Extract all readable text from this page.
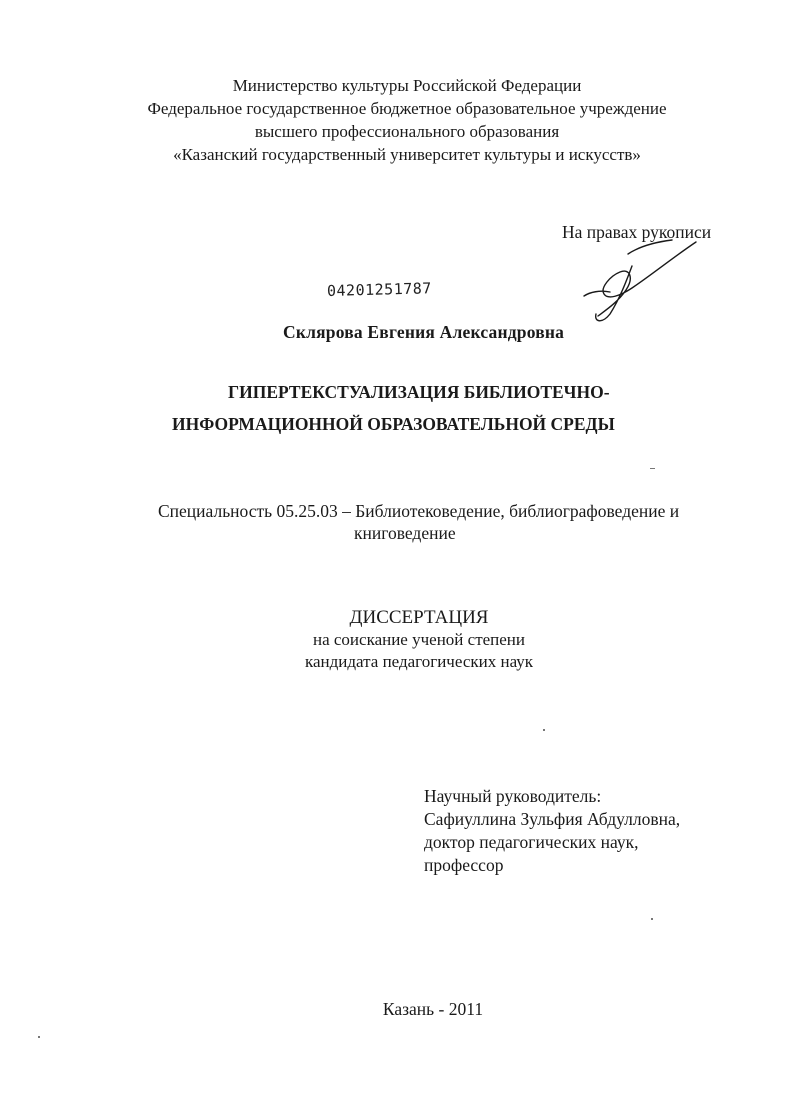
Министерство культуры Российской Федерации
Федеральное государственное бюджетное образовательное учреждение
высшего профессионального образования
«Казанский государственный университет культуры и искусств»
На правах рукописи
04201251787
Склярова Евгения Александровна
ГИПЕРТЕКСТУАЛИЗАЦИЯ БИБЛИОТЕЧНО-
ИНФОРМАЦИОННОЙ ОБРАЗОВАТЕЛЬНОЙ СРЕДЫ
Специальность 05.25.03 – Библиотековедение, библиографоведение и
книговедение
ДИССЕРТАЦИЯ
на соискание ученой степени
кандидата педагогических наук
Научный руководитель:
Сафиуллина Зульфия Абдулловна,
доктор педагогических наук,
профессор
Казань - 2011
